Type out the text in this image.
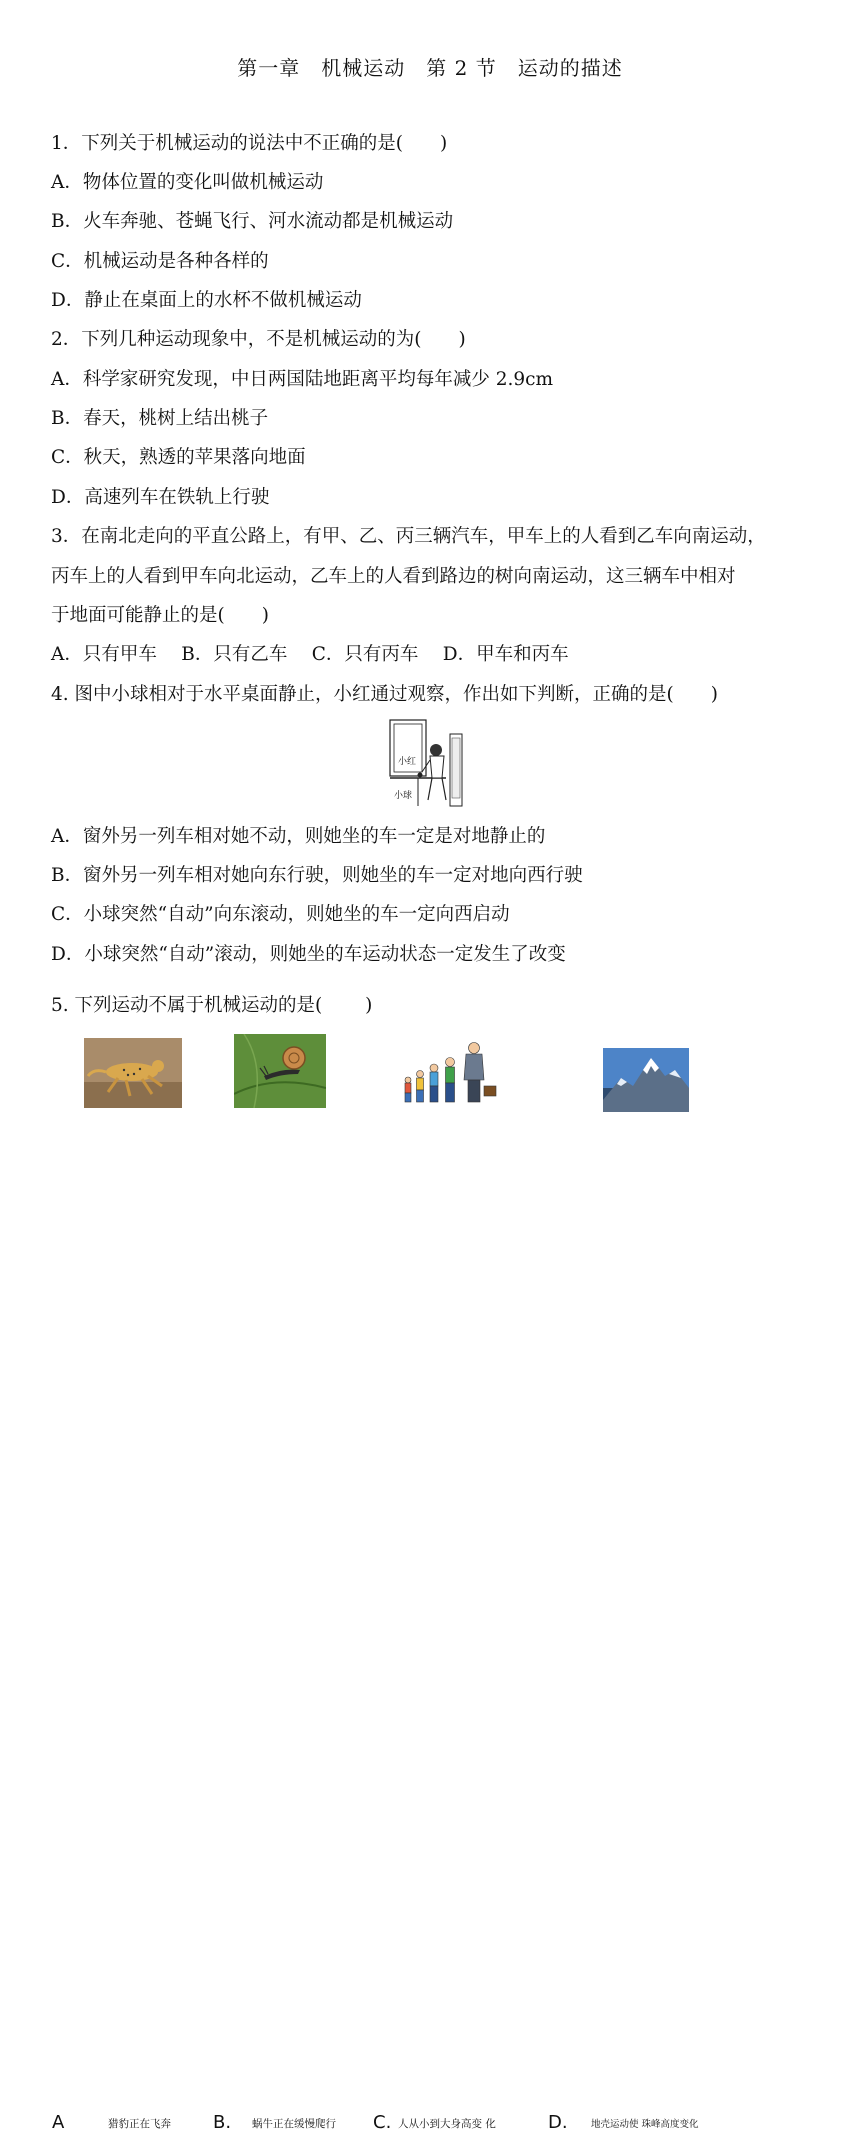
第一章　机械运动　第 2 节　运动的描述
1．下列关于机械运动的说法中不正确的是(　　)
A．物体位置的变化叫做机械运动
B．火车奔驰、苍蝇飞行、河水流动都是机械运动
C．机械运动是各种各样的
D．静止在桌面上的水杯不做机械运动
2．下列几种运动现象中，不是机械运动的为(　　)
A．科学家研究发现，中日两国陆地距离平均每年减少 2.9cm
B．春天，桃树上结出桃子
C．秋天，熟透的苹果落向地面
D．高速列车在铁轨上行驶
3．在南北走向的平直公路上，有甲、乙、丙三辆汽车，甲车上的人看到乙车向南运动，
丙车上的人看到甲车向北运动，乙车上的人看到路边的树向南运动，这三辆车中相对
于地面可能静止的是(　　)
A．只有甲车　 B．只有乙车　 C．只有丙车　 D．甲车和丙车
4. 图中小球相对于水平桌面静止，小红通过观察，作出如下判断，正确的是(　　)
小红
小球
A．窗外另一列车相对她不动，则她坐的车一定是对地静止的
B．窗外另一列车相对她向东行驶，则她坐的车一定对地向西行驶
C．小球突然“自动”向东滚动，则她坐的车一定向西启动
D．小球突然“自动”滚动，则她坐的车运动状态一定发生了改变
5. 下列运动不属于机械运动的是(　　 )
A	猎豹正在飞奔 B. 蜗牛正在缓慢爬行 C. 人从小到大身高变 化	D. 地壳运动使 珠峰高度变化
